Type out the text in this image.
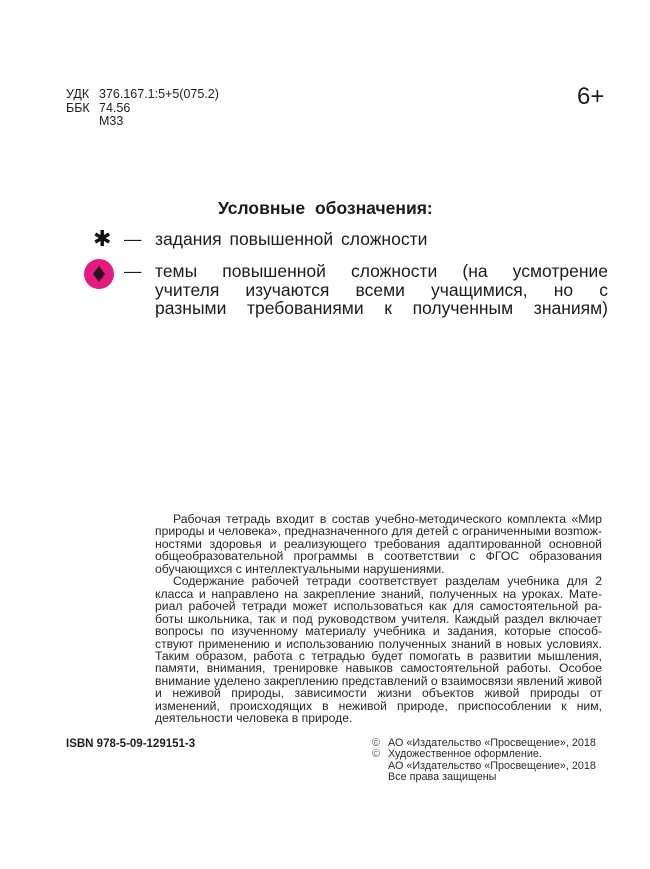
УДК 376.167.1:5+5(075.2)
ББК 74.56
М33
6+
Условные обозначения:
✱ — задания повышенной сложности
— темы повышенной сложности (на усмотрение
учителя изучаются всеми учащимися, но с
разными требованиями к полученным знаниям)

Рабочая тетрадь входит в состав учебно-методического комплекта «Мир природы и человека», предназначенного для детей с ограниченными возmожностями здоровья и реализующего требования адаптированной основной общеобразовательной программы в соответствии с ФГОС образования обучающихся с интеллектуальными нарушениями.

Содержание рабочей тетради соответствует разделам учебника для 2 класса и направлено на закрепление знаний, полученных на уроках. Материал рабочей тетради может использоваться как для самостоятельной работы школьника, так и под руководством учителя. Каждый раздел включает вопросы по изученному материалу учебника и задания, которые способствуют применению и использованию полученных знаний в новых условиях. Таким образом, работа с тетрадью будет помогать в развитии мышления, памяти, внимания, тренировке навыков самостоятельной работы. Особое внимание уделено закреплению представлений о взаимосвязи явлений живой и неживой природы, зависимости жизни объектов живой природы от изменений, происходящих в неживой природе, приспособлении к ним, деятельности человека в природе.

ISBN 978-5-09-129151-3	© АО «Издательство «Просвещение», 2018
© Художественное оформление.
АО «Издательство «Просвещение», 2018
Все права защищены
